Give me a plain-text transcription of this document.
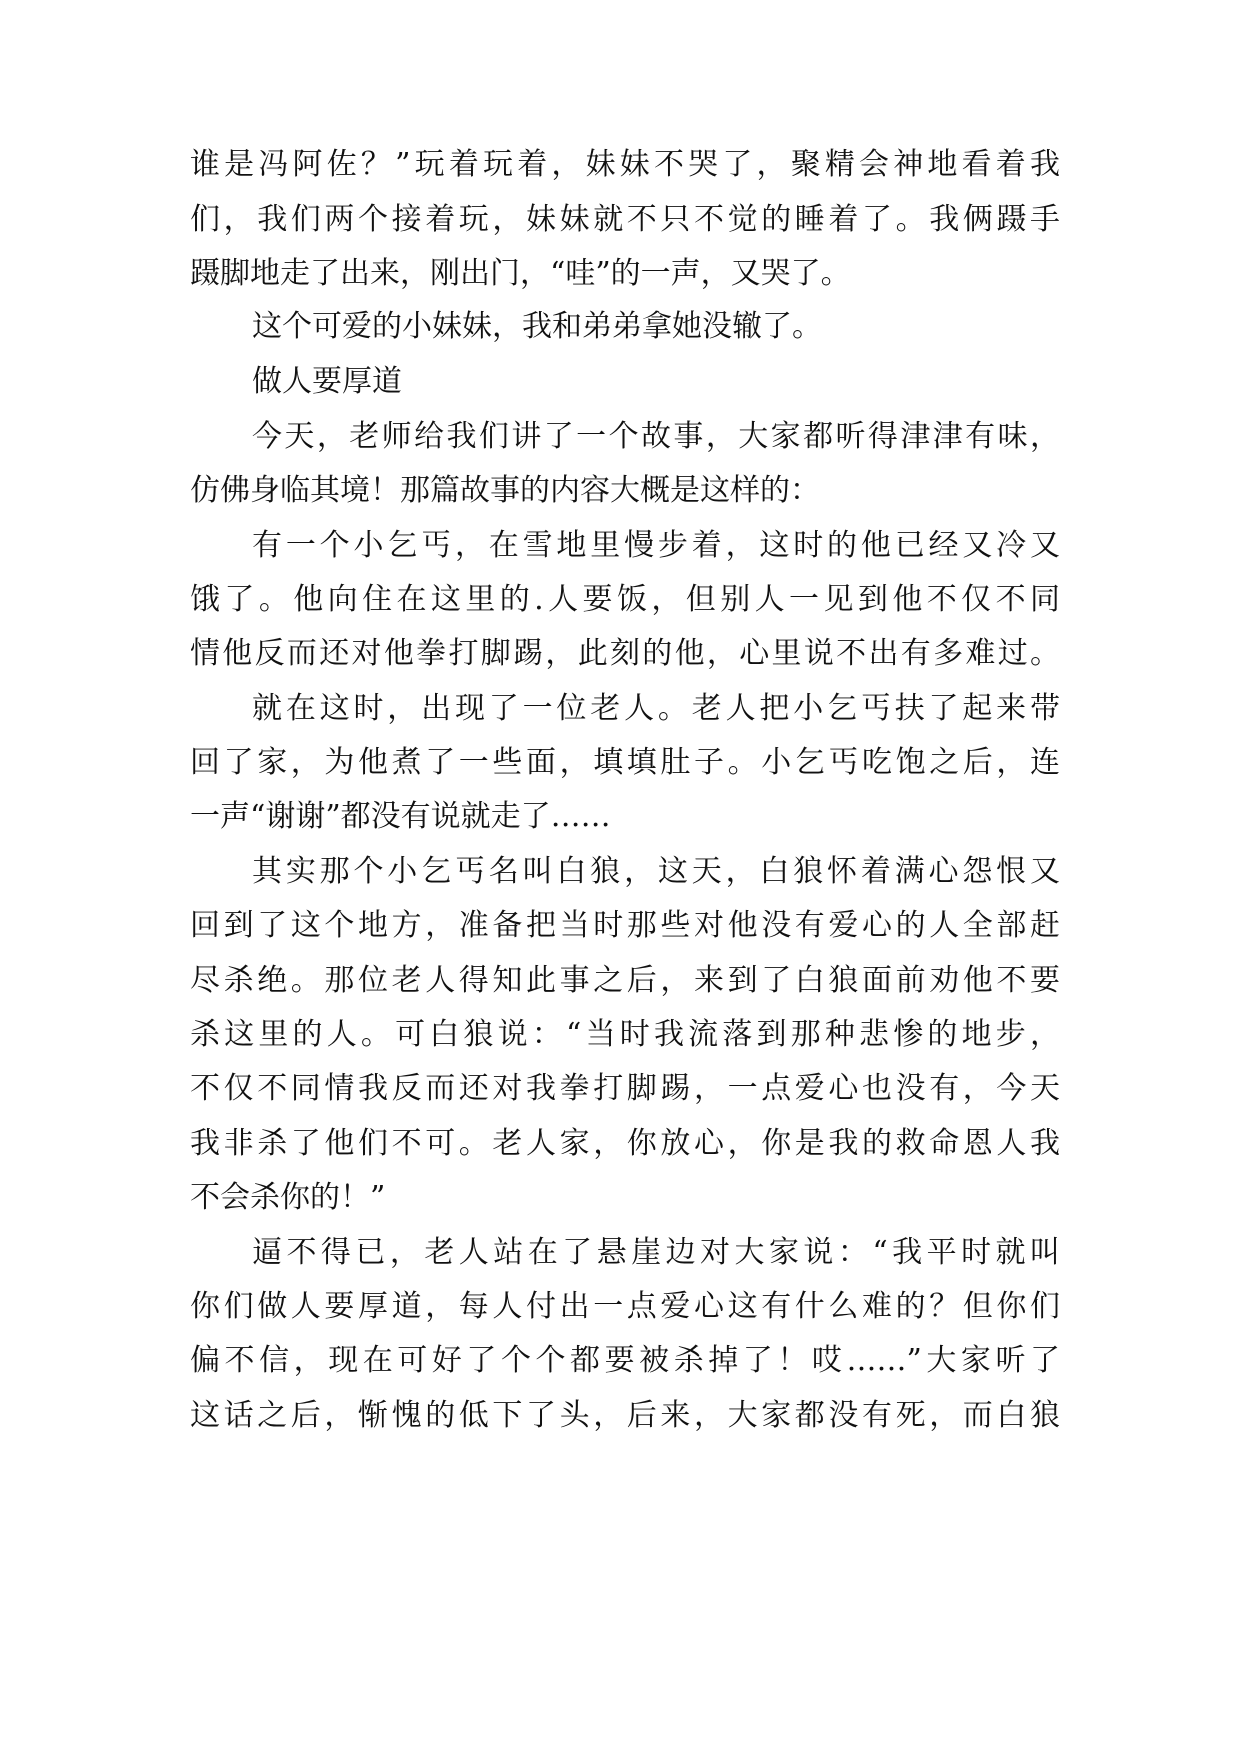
谁是冯阿佐？”玩着玩着，妹妹不哭了，聚精会神地看着我
们，我们两个接着玩，妹妹就不只不觉的睡着了。我俩蹑手
蹑脚地走了出来，刚出门，“哇”的一声，又哭了。
这个可爱的小妹妹，我和弟弟拿她没辙了。
做人要厚道
今天，老师给我们讲了一个故事，大家都听得津津有味，
仿佛身临其境！那篇故事的内容大概是这样的：
有一个小乞丐，在雪地里慢步着，这时的他已经又冷又
饿了。他向住在这里的.人要饭，但别人一见到他不仅不同
情他反而还对他拳打脚踢，此刻的他，心里说不出有多难过。
就在这时，出现了一位老人。老人把小乞丐扶了起来带
回了家，为他煮了一些面，填填肚子。小乞丐吃饱之后，连
一声“谢谢”都没有说就走了……
其实那个小乞丐名叫白狼，这天，白狼怀着满心怨恨又
回到了这个地方，准备把当时那些对他没有爱心的人全部赶
尽杀绝。那位老人得知此事之后，来到了白狼面前劝他不要
杀这里的人。可白狼说：“当时我流落到那种悲惨的地步，
不仅不同情我反而还对我拳打脚踢，一点爱心也没有，今天
我非杀了他们不可。老人家，你放心，你是我的救命恩人我
不会杀你的！”
逼不得已，老人站在了悬崖边对大家说：“我平时就叫
你们做人要厚道，每人付出一点爱心这有什么难的？但你们
偏不信，现在可好了个个都要被杀掉了！哎……”大家听了
这话之后，惭愧的低下了头，后来，大家都没有死，而白狼
